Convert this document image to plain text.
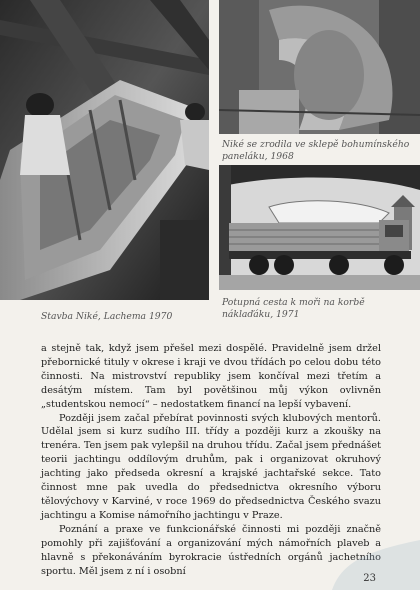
Stavba Niké, Lachema 1970
Niké se zrodila ve sklepě bohumínského paneláku, 1968
Potupná cesta k moři na korbě náklaďáku, 1971

a stejně tak, když jsem přešel mezi dospělé. Pravidelně jsem držel přebornické tituly v okrese i kraji ve dvou třídách po celou dobu této činnosti. Na mistrovství republiky jsem končíval mezi třetím a desátým místem. Tam byl povětšinou můj výkon ovlivněn „studentskou nemocí“ – nedostatkem financí na lepší vybavení.

Později jsem začal přebírat povinnosti svých klubových mentorů. Udělal jsem si kurz sudího III. třídy a později kurz a zkoušky na trenéra. Ten jsem pak vylepšil na druhou třídu. Začal jsem přednášet teorii jachtingu oddílovým druhům, pak i organizovat okruhový jachting jako předseda okresní a krajské jachtařské sekce. Tato činnost mne pak uvedla do předsednictva okresního výboru tělovýchovy v Karviné, v roce 1969 do předsednictva Českého svazu jachtingu a Komise námořního jachtingu v Praze.

Poznání a praxe ve funkcionářské činnosti mi později značně pomohly při zajišťování a organizování mých námořních plaveb a hlavně s překonáváním byrokracie ústředních orgánů jachetního sportu. Měl jsem z ní i osobní

23
